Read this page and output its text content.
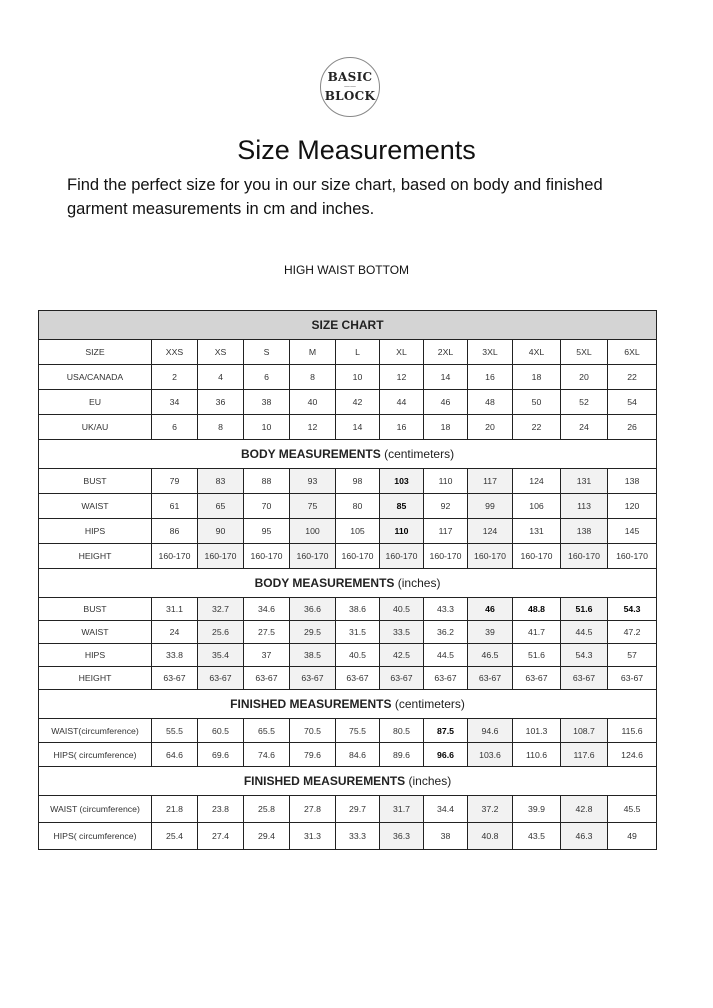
BASIC
——
BLOCK
Size Measurements
Find the perfect size for you in our size chart, based on body and finished garment measurements in cm and inches.
HIGH WAIST BOTTOM
SIZE CHART											
SIZE	XXS	XS	S	M	L	XL	2XL	3XL	4XL	5XL	6XL
USA/CANADA	2	4	6	8	10	12	14	16	18	20	22
EU	34	36	38	40	42	44	46	48	50	52	54
UK/AU	6	8	10	12	14	16	18	20	22	24	26
BODY MEASUREMENTS (centimeters)											
BUST	79	83	88	93	98	103	110	117	124	131	138
WAIST	61	65	70	75	80	85	92	99	106	113	120
HIPS	86	90	95	100	105	110	117	124	131	138	145
HEIGHT	160-170	160-170	160-170	160-170	160-170	160-170	160-170	160-170	160-170	160-170	160-170
BODY MEASUREMENTS (inches)											
BUST	31.1	32.7	34.6	36.6	38.6	40.5	43.3	46	48.8	51.6	54.3
WAIST	24	25.6	27.5	29.5	31.5	33.5	36.2	39	41.7	44.5	47.2
HIPS	33.8	35.4	37	38.5	40.5	42.5	44.5	46.5	51.6	54.3	57
HEIGHT	63-67	63-67	63-67	63-67	63-67	63-67	63-67	63-67	63-67	63-67	63-67
FINISHED MEASUREMENTS (centimeters)											
WAIST(circumference)	55.5	60.5	65.5	70.5	75.5	80.5	87.5	94.6	101.3	108.7	115.6
HIPS( circumference)	64.6	69.6	74.6	79.6	84.6	89.6	96.6	103.6	110.6	117.6	124.6
FINISHED MEASUREMENTS (inches)											
WAIST (circumference)	21.8	23.8	25.8	27.8	29.7	31.7	34.4	37.2	39.9	42.8	45.5
HIPS( circumference)	25.4	27.4	29.4	31.3	33.3	36.3	38	40.8	43.5	46.3	49
